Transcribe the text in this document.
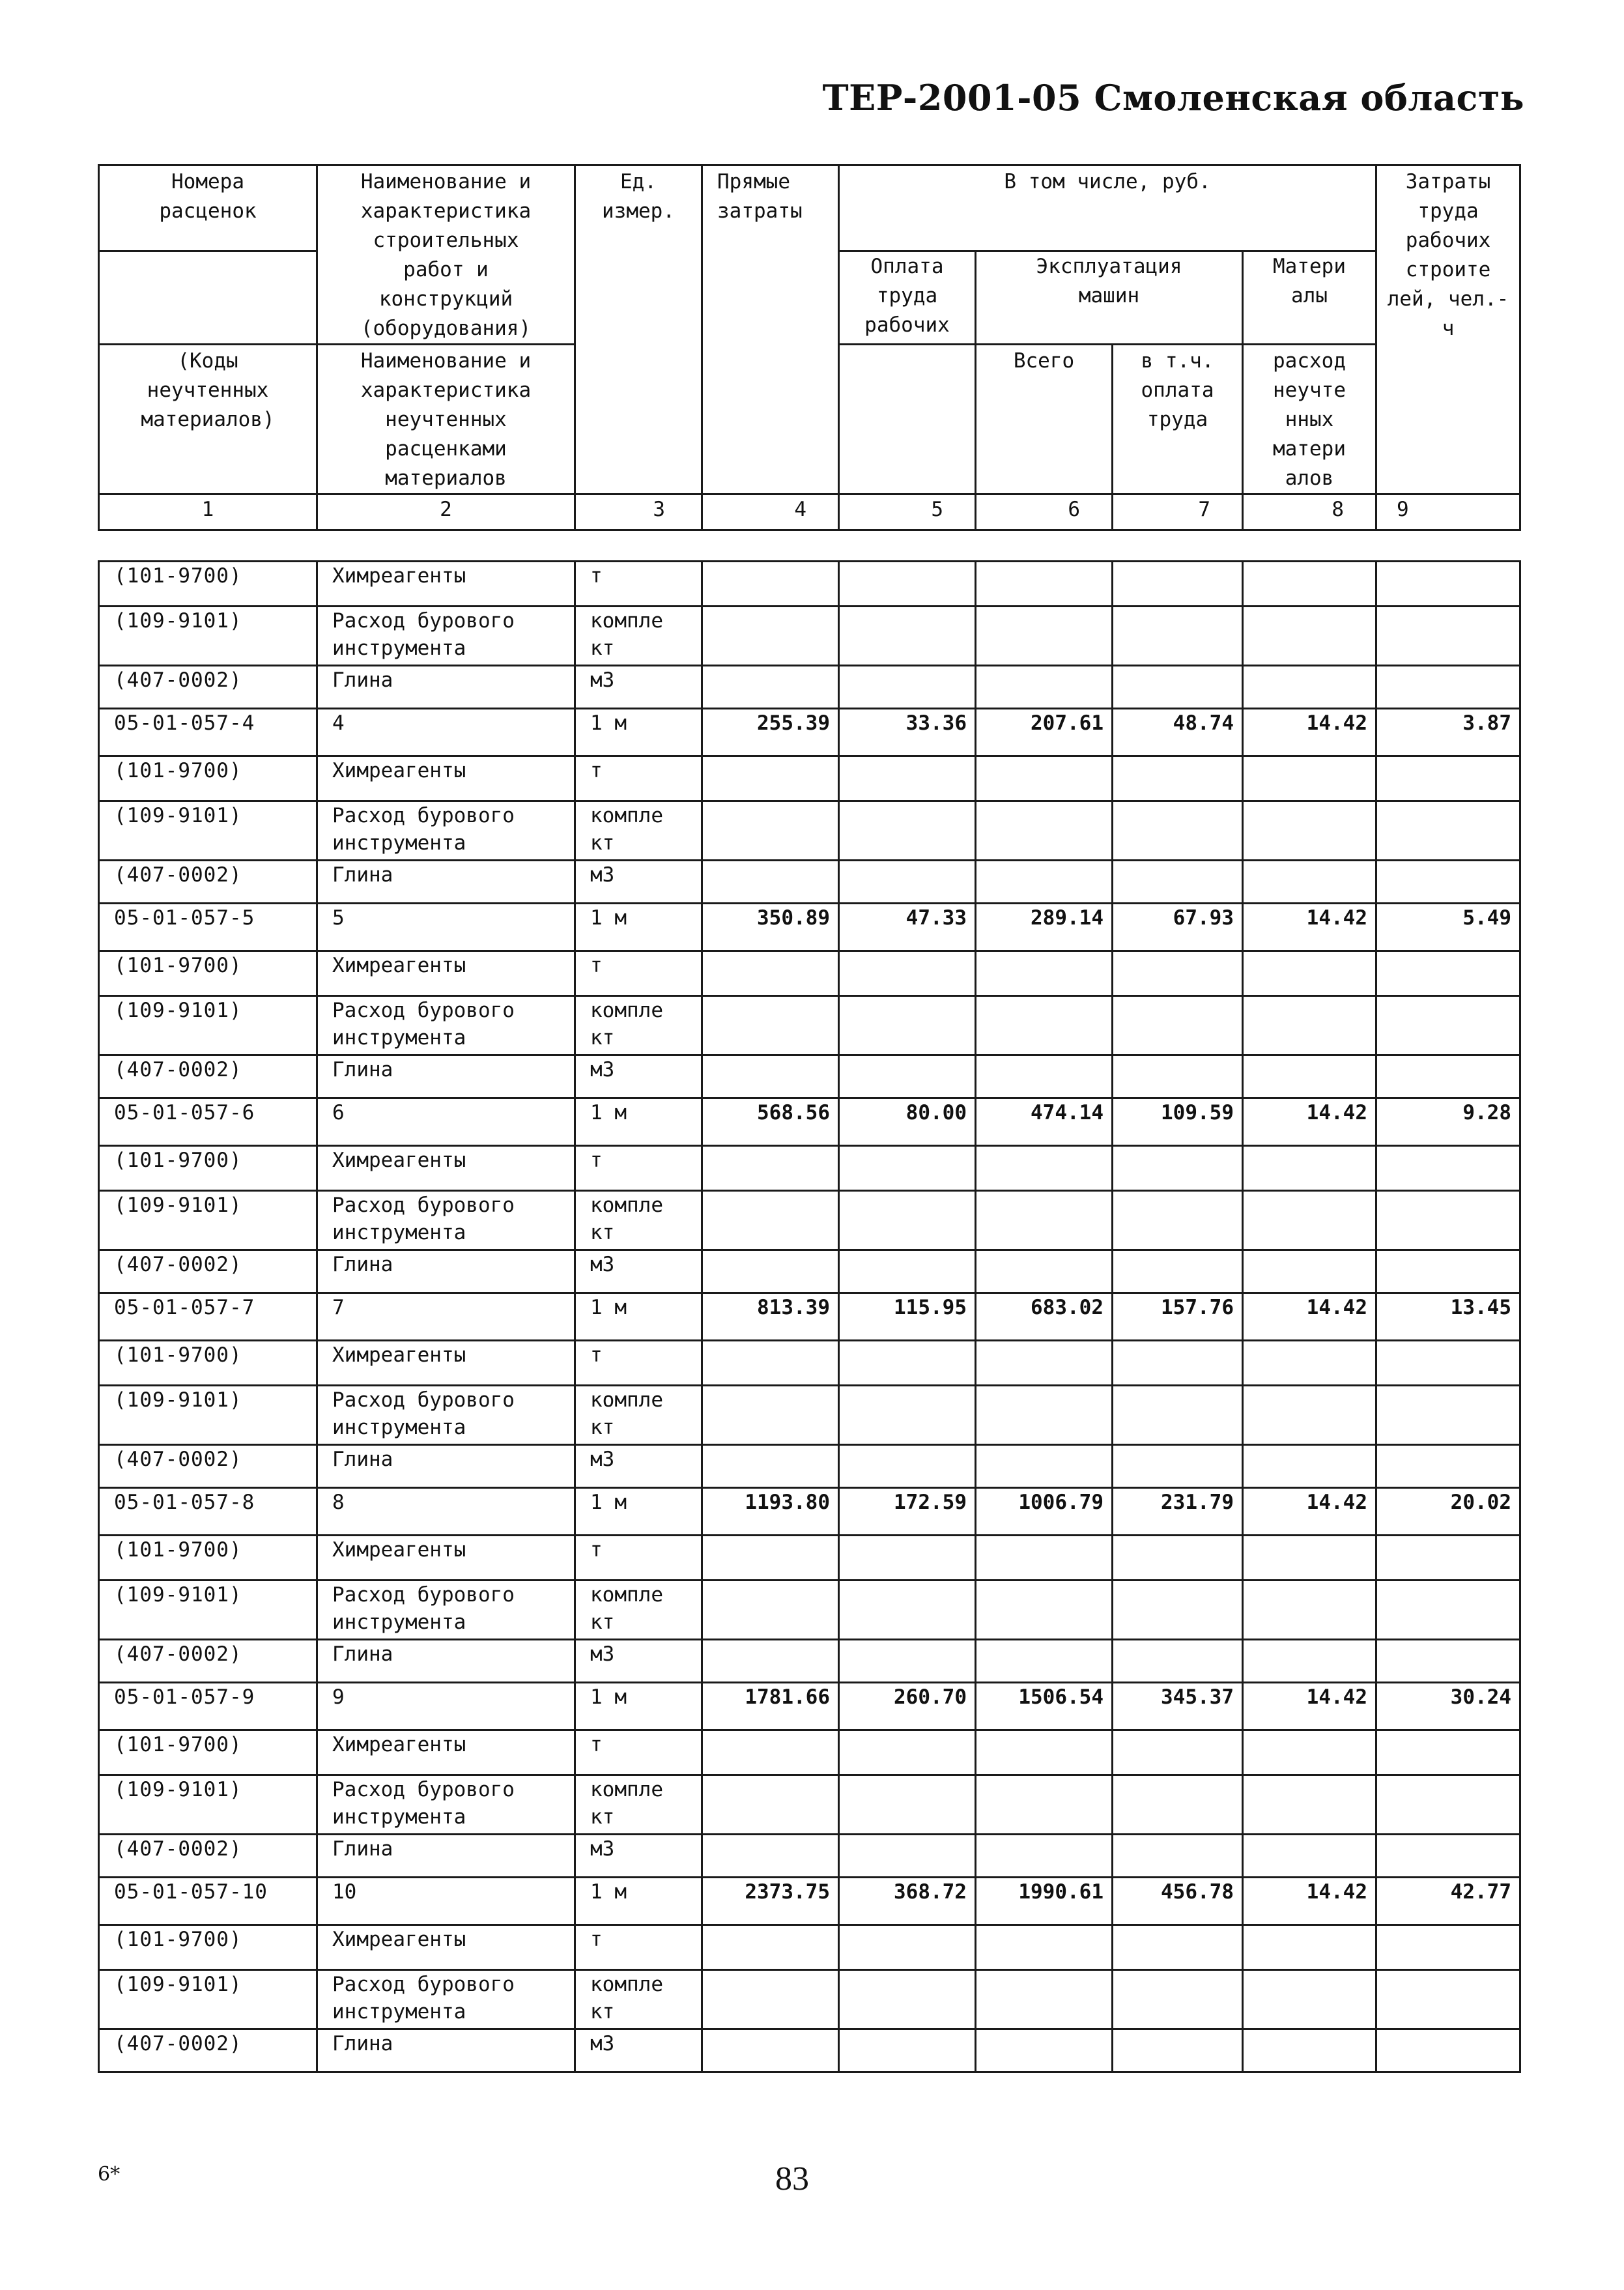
ТЕР-2001-05 Смоленская область
Номера расценок	Наименование и характеристика строительных работ и конструкций (оборудования)	Ед. измер.	Прямые затраты	В том числе, руб.				Затраты труда рабочих строите лей, чел.-ч
				Оплата труда рабочих	Эксплуатация машин		Матери алы	
(Коды неучтенных материалов)	Наименование и характеристика неучтенных расценками материалов				Всего	в т.ч. оплата труда	расход неучте нных матери алов	
1	2	3	4	5	6	7	8	9
(101-9700)	Химреагенты	т						
(109-9101)	Расход бурового инструмента	компле кт						
(407-0002)	Глина	м3						
05-01-057-4	4	1 м	255.39	33.36	207.61	48.74	14.42	3.87
(101-9700)	Химреагенты	т						
(109-9101)	Расход бурового инструмента	компле кт						
(407-0002)	Глина	м3						
05-01-057-5	5	1 м	350.89	47.33	289.14	67.93	14.42	5.49
(101-9700)	Химреагенты	т						
(109-9101)	Расход бурового инструмента	компле кт						
(407-0002)	Глина	м3						
05-01-057-6	6	1 м	568.56	80.00	474.14	109.59	14.42	9.28
(101-9700)	Химреагенты	т						
(109-9101)	Расход бурового инструмента	компле кт						
(407-0002)	Глина	м3						
05-01-057-7	7	1 м	813.39	115.95	683.02	157.76	14.42	13.45
(101-9700)	Химреагенты	т						
(109-9101)	Расход бурового инструмента	компле кт						
(407-0002)	Глина	м3						
05-01-057-8	8	1 м	1193.80	172.59	1006.79	231.79	14.42	20.02
(101-9700)	Химреагенты	т						
(109-9101)	Расход бурового инструмента	компле кт						
(407-0002)	Глина	м3						
05-01-057-9	9	1 м	1781.66	260.70	1506.54	345.37	14.42	30.24
(101-9700)	Химреагенты	т						
(109-9101)	Расход бурового инструмента	компле кт						
(407-0002)	Глина	м3						
05-01-057-10	10	1 м	2373.75	368.72	1990.61	456.78	14.42	42.77
(101-9700)	Химреагенты	т						
(109-9101)	Расход бурового инструмента	компле кт						
(407-0002)	Глина	м3						
6*	83
